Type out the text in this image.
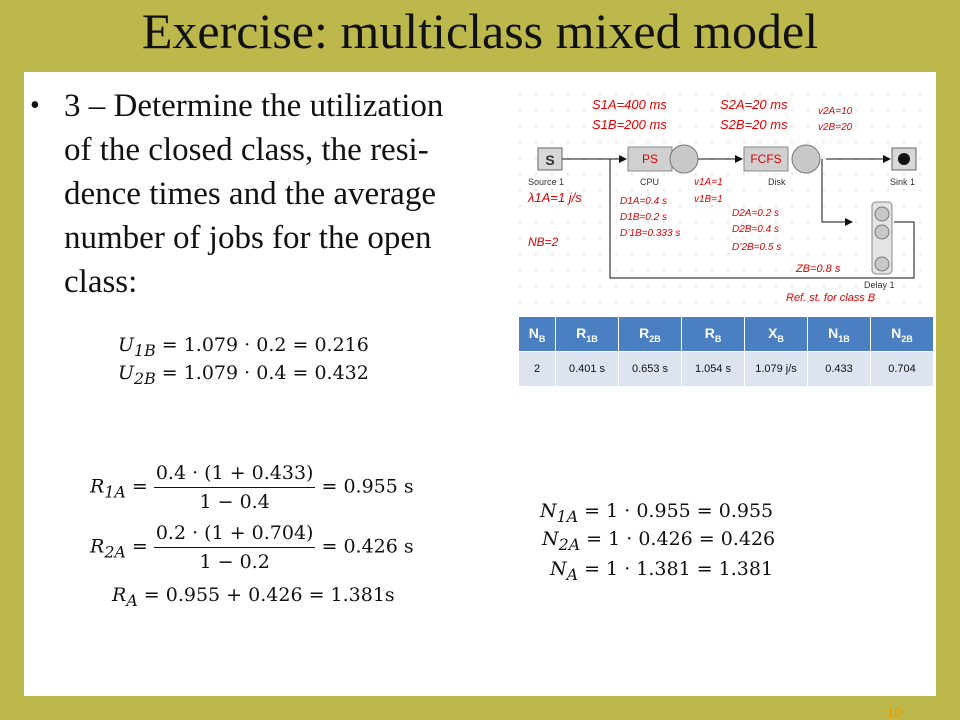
Exercise: multiclass mixed model
• 3 – Determine the utilization
of the closed class, the resi-
dence times and the average
number of jobs for the open
class:
$U_{1B} = 1.079 \cdot 0.2 = 0.216$
$U_{2B} = 1.079 \cdot 0.4 = 0.432$
$R_{1A} = \frac{0.4 \cdot (1 + 0.433)}{1 - 0.4} = 0.955$ s
$R_{2A} = \frac{0.2 \cdot (1 + 0.704)}{1 - 0.2} = 0.426$ s
$R_A = 0.955 + 0.426 = 1.381s$
$N_{1A} = 1 \cdot 0.955 = 0.955$
$N_{2A} = 1 \cdot 0.426 = 0.426$
$N_A = 1 \cdot 1.381 = 1.381$
S1A=400 ms
S1B=200 ms
S2A=20 ms
S2B=20 ms
v2A=10
v2B=20
S
Source 1
PS
CPU
FCFS
Disk	Sink 1
Delay 1
λ1A=1 j/s
NB=2
D1A=0.4 s
D1B=0.2 s
D’1B=0.333 s
v1A=1
v1B=1
D2A=0.2 s
D2B=0.4 s
D’2B=0.5 s
ZB=0.8 s
Ref. st. for class B
$N_B$	$R_{1B}$	$R_{2B}$	$R_B$	$X_B$	$N_{1B}$	$N_{2B}$
2	0.401 s	0.653 s	1.054 s	1.079 j/s	0.433	0.704
10
